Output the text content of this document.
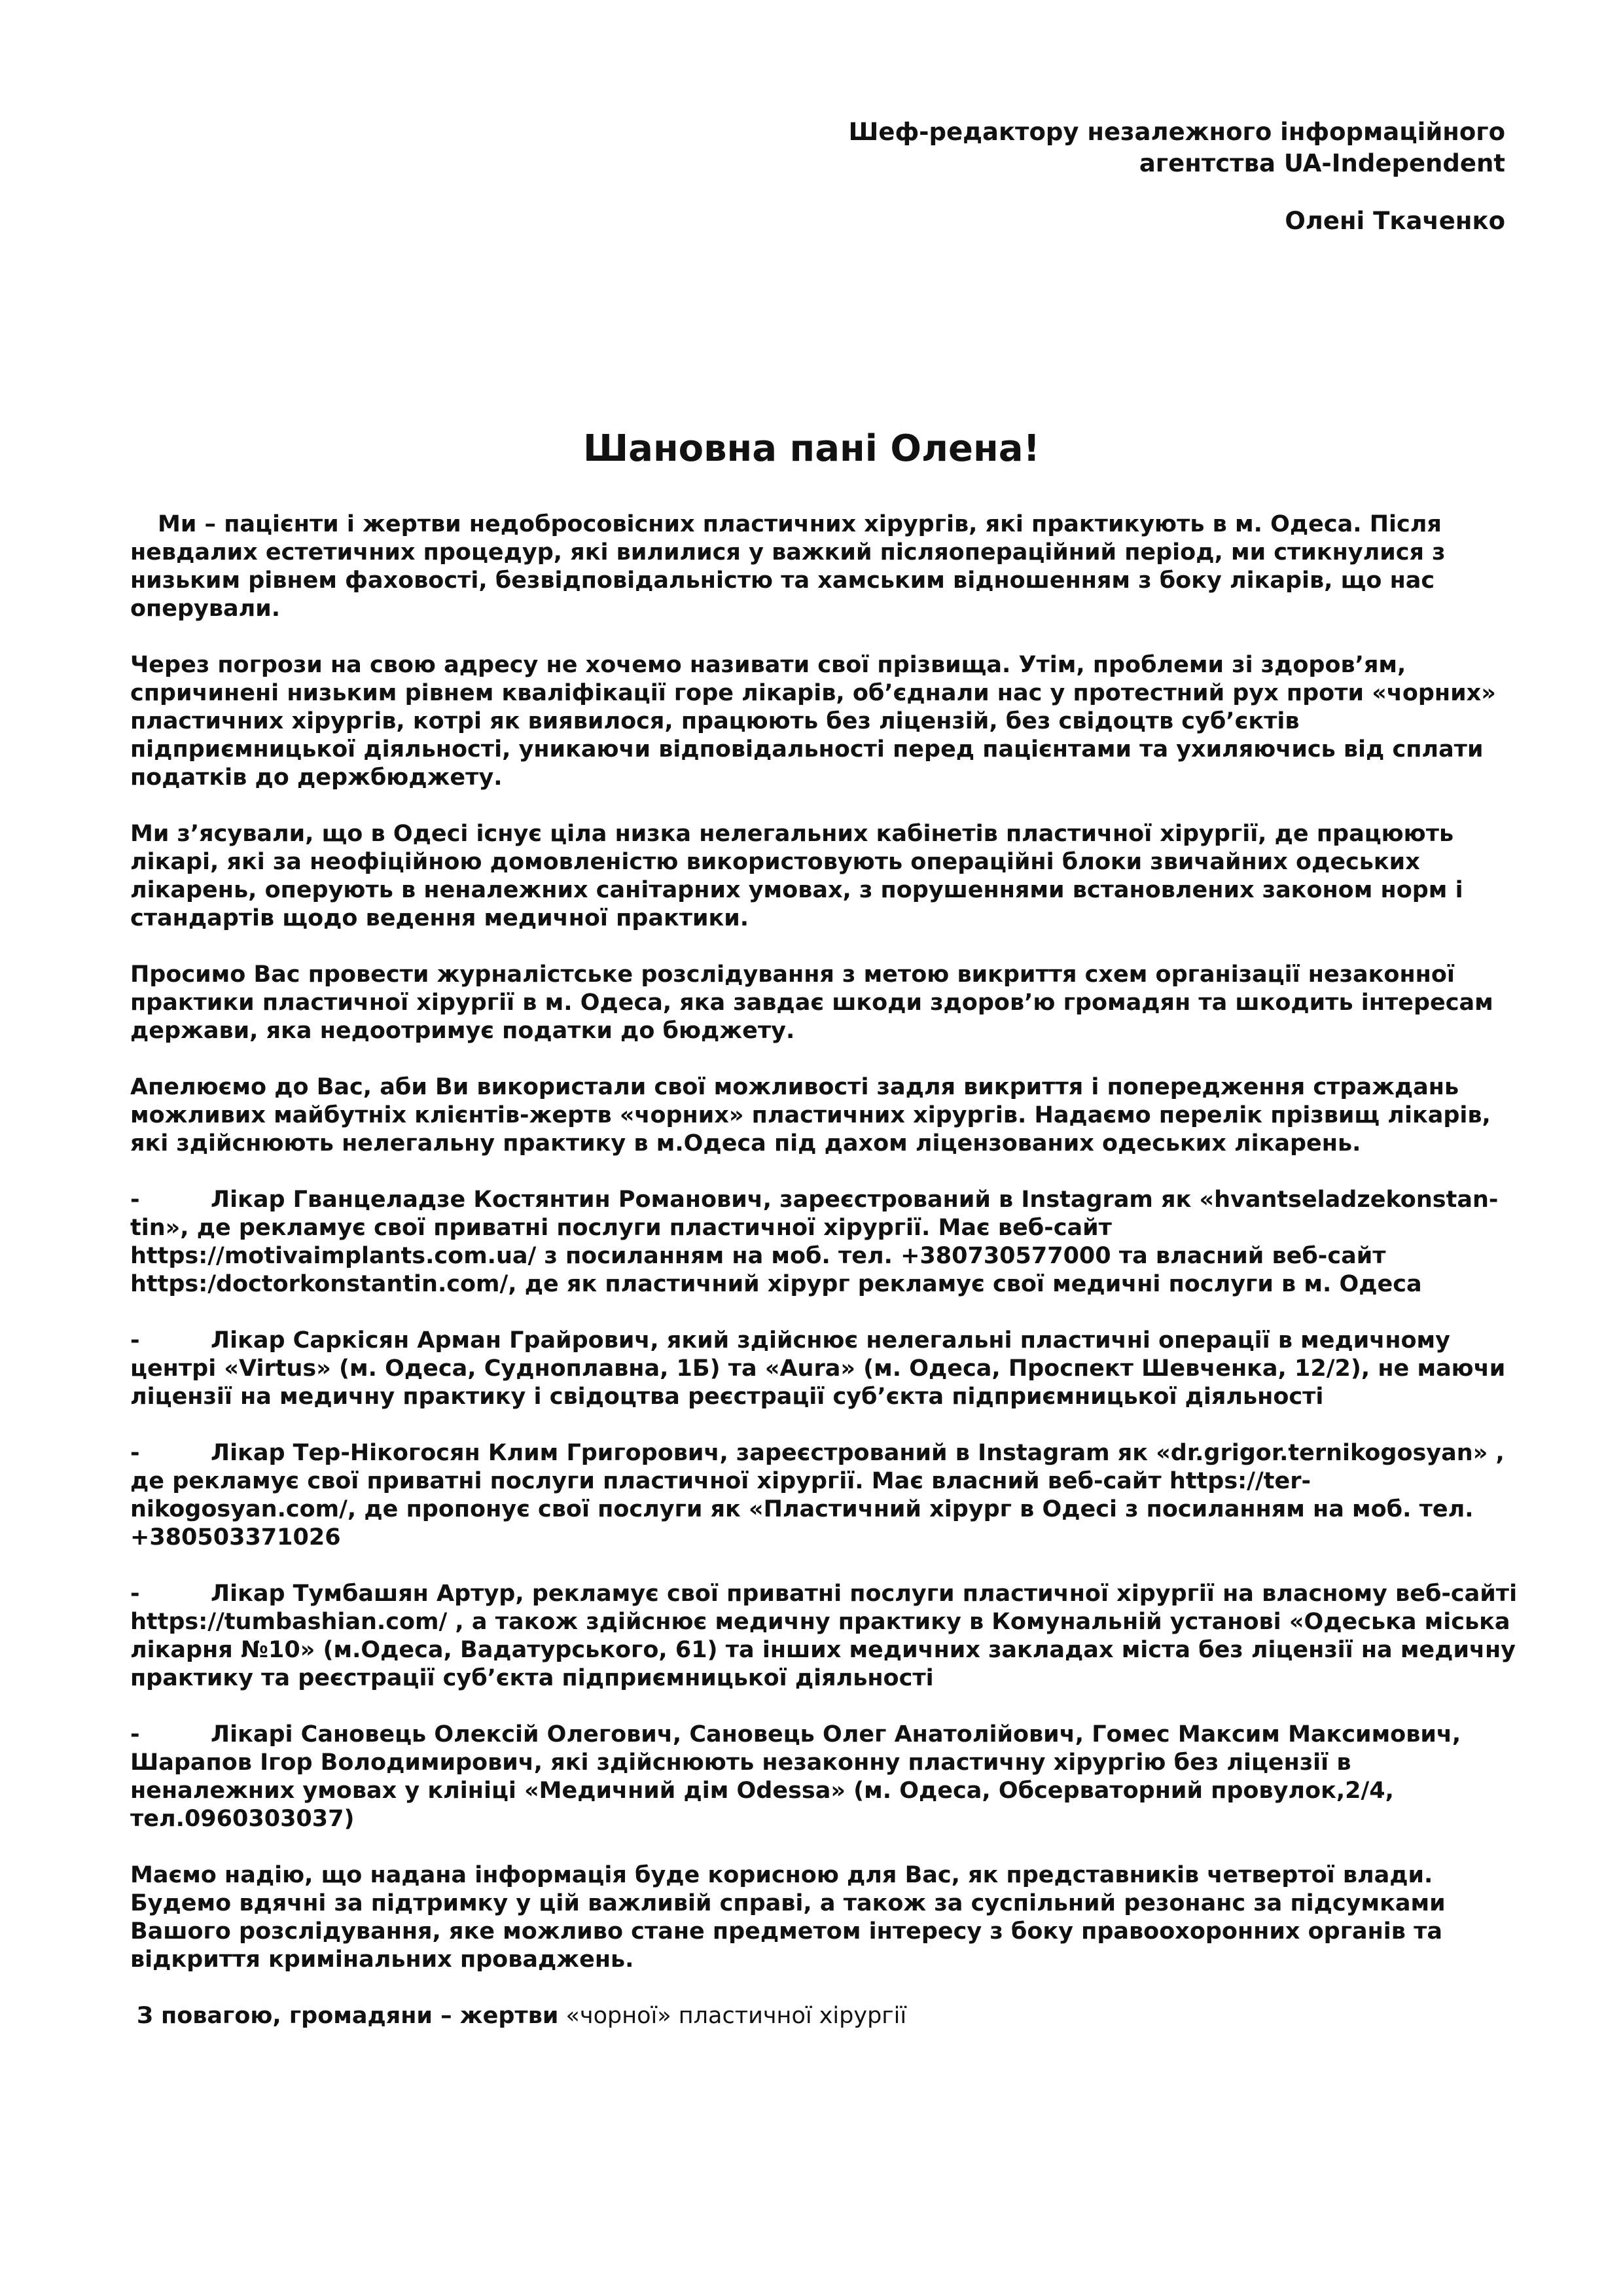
Шеф-редактору незалежного інформаційного
агентства UA-Independent
Олені Ткаченко
Шановна пані Олена!

Ми – пацієнти і жертви недобросовісних пластичних хірургів, які практикують в м. Одеса. Після невдалих естетичних процедур, які вилилися у важкий післяопераційний період, ми стикнулися з низьким рівнем фаховості, безвідповідальністю та хамським відношенням з боку лікарів, що нас оперували.

Через погрози на свою адресу не хочемо називати свої прізвища. Утім, проблеми зі здоров’ям, спричинені низьким рівнем кваліфікації горе лікарів, об’єднали нас у протестний рух проти «чорних» пластичних хірургів, котрі як виявилося, працюють без ліцензій, без свідоцтв суб’єктів підприємницької діяльності, уникаючи відповідальності перед пацієнтами та ухиляючись від сплати податків до держбюджету.

Ми з’ясували, що в Одесі існує ціла низка нелегальних кабінетів пластичної хірургії, де працюють лікарі, які за неофіційною домовленістю використовують операційні блоки звичайних одеських лікарень, оперують в неналежних санітарних умовах, з порушеннями встановлених законом норм і стандартів щодо ведення медичної практики.

Просимо Вас провести журналістське розслідування з метою викриття схем організації незаконної практики пластичної хірургії в м. Одеса, яка завдає шкоди здоров’ю громадян та шкодить інтересам держави, яка недоотримує податки до бюджету.

Апелюємо до Вас, аби Ви використали свої можливості задля викриття і попередження страждань можливих майбутніх клієнтів-жертв «чорних» пластичних хірургів. Надаємо перелік прізвищ лікарів, які здійснюють нелегальну практику в м.Одеса під дахом ліцензованих одеських лікарень.

-	Лікар Гванцеладзе Костянтин Романович, зареєстрований в Instagram як «hvantseladzekonstan-tin», де рекламує свої приватні послуги пластичної хірургії. Має веб-сайт https://motivaimplants.com.ua/ з посиланням на моб. тел. +380730577000 та власний веб-сайт https:/doctorkonstantin.com/, де як пластичний хірург рекламує свої медичні послуги в м. Одеса
-	Лікар Саркісян Арман Грайрович, який здійснює нелегальні пластичні операції в медичному центрі «Virtus» (м. Одеса, Судноплавна, 1Б) та «Aura» (м. Одеса, Проспект Шевченка, 12/2), не маючи ліцензії на медичну практику і свідоцтва реєстрації суб’єкта підприємницької діяльності
-	Лікар Тер-Нікогосян Клим Григорович, зареєстрований в Instagram як «dr.grigor.ternikogosyan» , де рекламує свої приватні послуги пластичної хірургії. Має власний веб-сайт https://ter-nikogosyan.com/, де пропонує свої послуги як «Пластичний хірург в Одесі з посиланням на моб. тел. +380503371026
-	Лікар Тумбашян Артур, рекламує свої приватні послуги пластичної хірургії на власному веб-сайті https://tumbashian.com/ , а також здійснює медичну практику в Комунальній установі «Одеська міська лікарня №10» (м.Одеса, Вадатурського, 61) та інших медичних закладах міста без ліцензії на медичну практику та реєстрації суб’єкта підприємницької діяльності
-	Лікарі Сановець Олексій Олегович, Сановець Олег Анатолійович, Гомес Максим Максимович, Шарапов Ігор Володимирович, які здійснюють незаконну пластичну хірургію без ліцензії в неналежних умовах у клініці «Медичний дім Odessa» (м. Одеса, Обсерваторний провулок,2/4, тел.0960303037)

Маємо надію, що надана інформація буде корисною для Вас, як представників четвертої влади. Будемо вдячні за підтримку у цій важливій справі, а також за суспільний резонанс за підсумками Вашого розслідування, яке можливо стане предметом інтересу з боку правоохоронних органів та відкриття кримінальних проваджень.

З повагою, громадяни – жертви «чорної» пластичної хірургії
